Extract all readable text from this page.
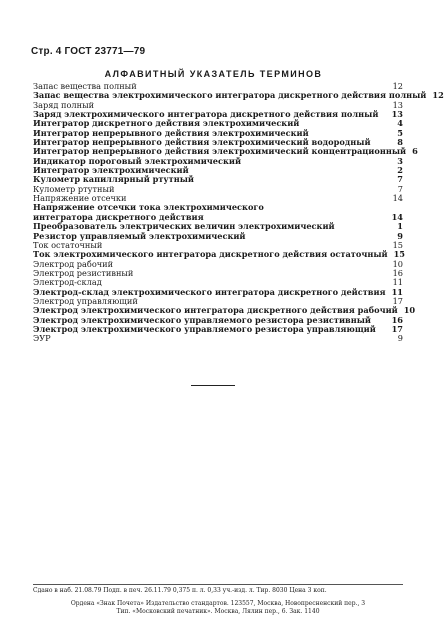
Стр. 4 ГОСТ 23771—79
АЛФАВИТНЫЙ УКАЗАТЕЛЬ ТЕРМИНОВ
Запас вещества полный	12
Запас вещества электрохимического интегратора дискретного действия полный 12
Заряд полный	13
Заряд электрохимического интегратора дискретного действия полный 13
Интегратор дискретного действия электрохимический	4
Интегратор непрерывного действия электрохимический	5
Интегратор непрерывного действия электрохимический водородный	8
Интегратор непрерывного действия электрохимический концентрационный 6
Индикатор пороговый электрохимический	3
Интегратор электрохимический	2
Кулометр капиллярный ртутный	7
Кулометр ртутный	7
Напряжение отсечки	14
Напряжение отсечки тока электрохимического интегратора дискретного действия	14
Преобразователь электрических величин электрохимический	1
Резистор управляемый электрохимический	9
Ток остаточный	15
Ток электрохимического интегратора дискретного действия остаточный 15
Электрод рабочий	10
Электрод резистивный	16
Электрод-склад	11
Электрод-склад электрохимического интегратора дискретного действия 11
Электрод управляющий	17
Электрод электрохимического интегратора дискретного действия рабочий 10
Электрод электрохимического управляемого резистора резистивный	16
Электрод электрохимического управляемого резистора управляющий 17
ЭУР	9
Сдано в наб. 21.08.79 Подп. в печ. 26.11.79 0,375 п. л. 0,33 уч.-изд. л. Тир. 8030 Цена 3 коп.
Ордена «Знак Почета» Издательство стандартов. 123557, Москва, Новопресненский пер., 3
Тип. «Московский печатник». Москва, Лялин пер., 6. Зак. 1140
